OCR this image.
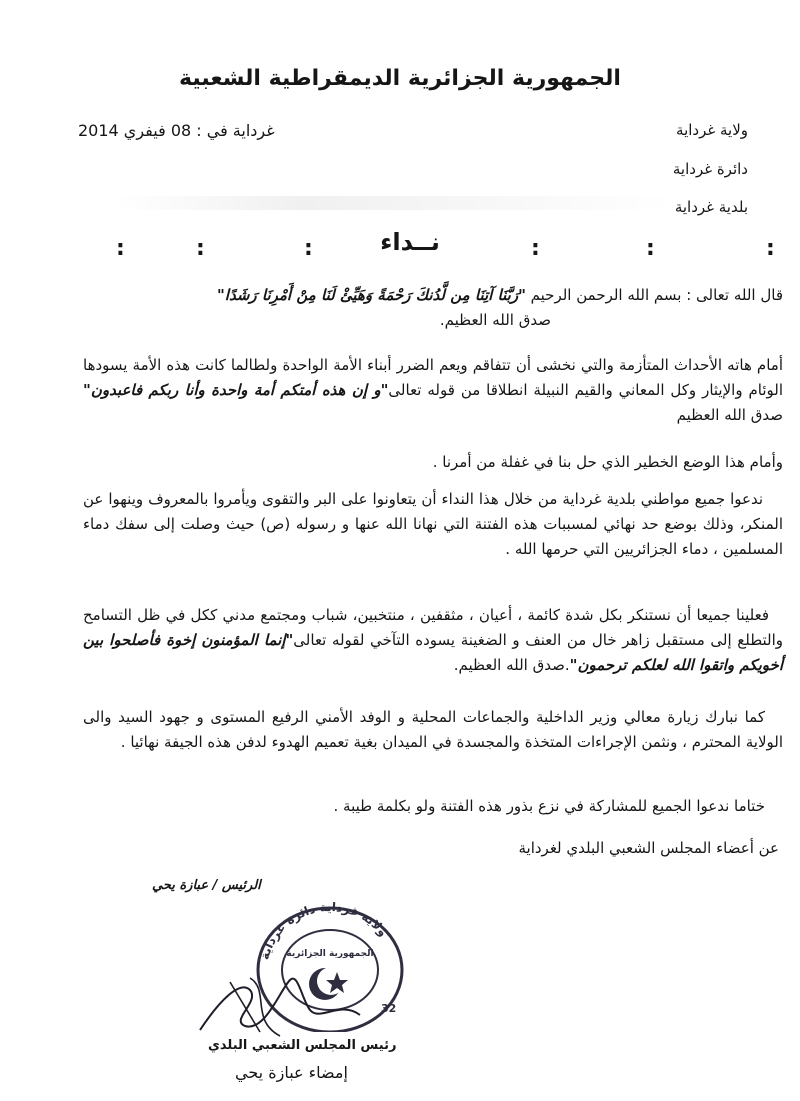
الجمهورية الجزائرية الديمقراطية الشعبية
غرداية في : 08 فيفري 2014	ولاية غرداية
دائرة غرداية
بلدية غرداية
:	:	:	:	:	:
نــداء
قال الله تعالى : بسم الله الرحمن الرحيم "رَبَّنَا آتِنَا مِن لَّدُنكَ رَحْمَةً وَهَيِّئْ لَنَا مِنْ أَمْرِنَا رَشَدًا"
صدق الله العظيم.
أمام هاته الأحداث المتأزمة والتي نخشى أن تتفاقم ويعم الضرر أبناء الأمة الواحدة ولطالما كانت هذه الأمة يسودها الوئام والإيثار وكل المعاني والقيم النبيلة انطلاقا من قوله تعالى"و إن هذه أمتكم أمة واحدة وأنا ربكم فاعبدون" صدق الله العظيم
وأمام هذا الوضع الخطير الذي حل بنا في غفلة من أمرنا .
ندعوا جميع مواطني بلدية غرداية من خلال هذا النداء أن يتعاونوا على البر والتقوى ويأمروا بالمعروف وينهوا عن المنكر، وذلك بوضع حد نهائي لمسببات هذه الفتنة التي نهانا الله عنها و رسوله (ص) حيث وصلت إلى سفك دماء المسلمين ، دماء الجزائريين التي حرمها الله .
فعلينا جميعا أن نستنكر بكل شدة كائمة ، أعيان ، مثقفين ، منتخبين، شباب ومجتمع مدني ككل في ظل التسامح والتطلع إلى مستقبل زاهر خال من العنف و الضغينة يسوده التآخي لقوله تعالى"إنما المؤمنون إخوة فأصلحوا بين أخويكم واتقوا الله لعلكم ترحمون".صدق الله العظيم.
كما نبارك زيارة معالي وزير الداخلية والجماعات المحلية و الوفد الأمني الرفيع المستوى و جهود السيد والى الولاية المحترم ، ونثمن الإجراءات المتخذة والمجسدة في الميدان بغية تعميم الهدوء لدفن هذه الجيفة نهائيا .
ختاما ندعوا الجميع للمشاركة في نزع بذور هذه الفتنة ولو بكلمة طيبة .
عن أعضاء المجلس الشعبي البلدي لغرداية
الرئيس / عبازة يحي
ولاية غرداية دائرة غرداية
الجمهورية الجزائرية
32
رئيس المجلس الشعبي البلدي
إمضاء عبازة يحي
